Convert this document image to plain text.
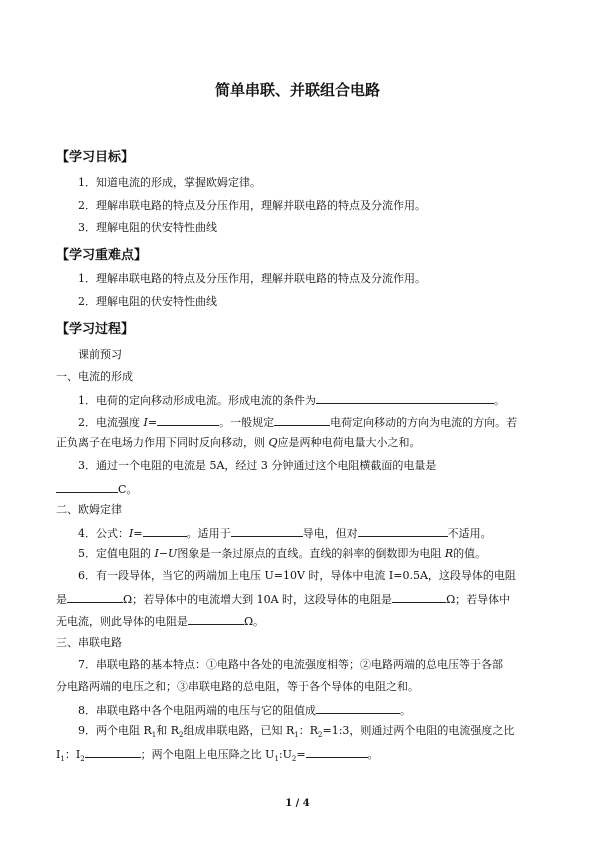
简单串联、并联组合电路
【学习目标】
1．知道电流的形成，掌握欧姆定律。
2．理解串联电路的特点及分压作用，理解并联电路的特点及分流作用。
3．理解电阻的伏安特性曲线
【学习重难点】
1．理解串联电路的特点及分压作用，理解并联电路的特点及分流作用。
2．理解电阻的伏安特性曲线
【学习过程】
课前预习
一、电流的形成
1．电荷的定向移动形成电流。形成电流的条件为	。
2．电流强度 I=	。一般规定	电荷定向移动的方向为电流的方向。若
正负离子在电场力作用下同时反向移动，则 Q应是两种电荷电量大小之和。
3．通过一个电阻的电流是 5A，经过 3 分钟通过这个电阻横截面的电量是
C。
二、欧姆定律
4．公式：I=	。适用于	导电，但对	不适用。
5．定值电阻的 I−U图象是一条过原点的直线。直线的斜率的倒数即为电阻 R的值。
6．有一段导体，当它的两端加上电压 U=10V 时，导体中电流 I=0.5A，这段导体的电阻
是	Ω；若导体中的电流增大到 10A 时，这段导体的电阻是	Ω；若导体中
无电流，则此导体的电阻是	Ω。
三、串联电路
7．串联电路的基本特点：①电路中各处的电流强度相等；②电路两端的总电压等于各部
分电路两端的电压之和；③串联电路的总电阻，等于各个导体的电阻之和。
8．串联电路中各个电阻两端的电压与它的阻值成	。
9．两个电阻 $R_1$和 $R_2$组成串联电路，已知 $R_1$：$R_2=1:3$，则通过两个电阻的电流强度之比
$I_1$：$I_2$	；两个电阻上电压降之比 $U_1:U_2=$	。
1 / 4
